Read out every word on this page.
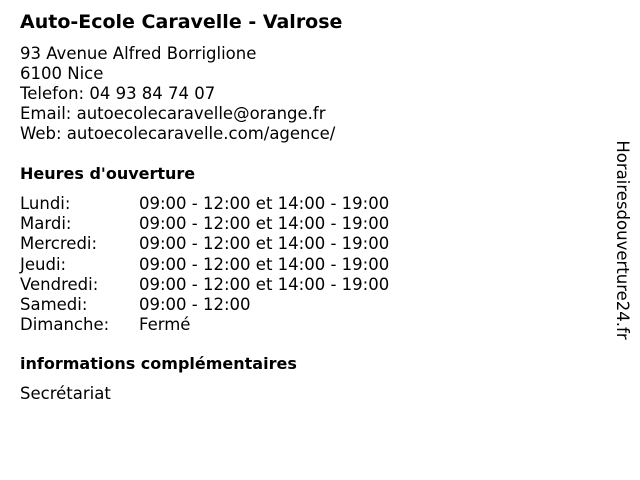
Auto-Ecole Caravelle - Valrose
93 Avenue Alfred Borriglione
6100 Nice
Telefon: 04 93 84 74 07
Email: autoecolecaravelle@orange.fr
Web: autoecolecaravelle.com/agence/
Heures d'ouverture
Lundi:	09:00 - 12:00 et 14:00 - 19:00
Mardi:	09:00 - 12:00 et 14:00 - 19:00
Mercredi:	09:00 - 12:00 et 14:00 - 19:00
Jeudi:	09:00 - 12:00 et 14:00 - 19:00
Vendredi: 09:00 - 12:00 et 14:00 - 19:00
Samedi:	09:00 - 12:00
Dimanche: Fermé
informations complémentaires
Secrétariat
Horairesdouverture24.fr
